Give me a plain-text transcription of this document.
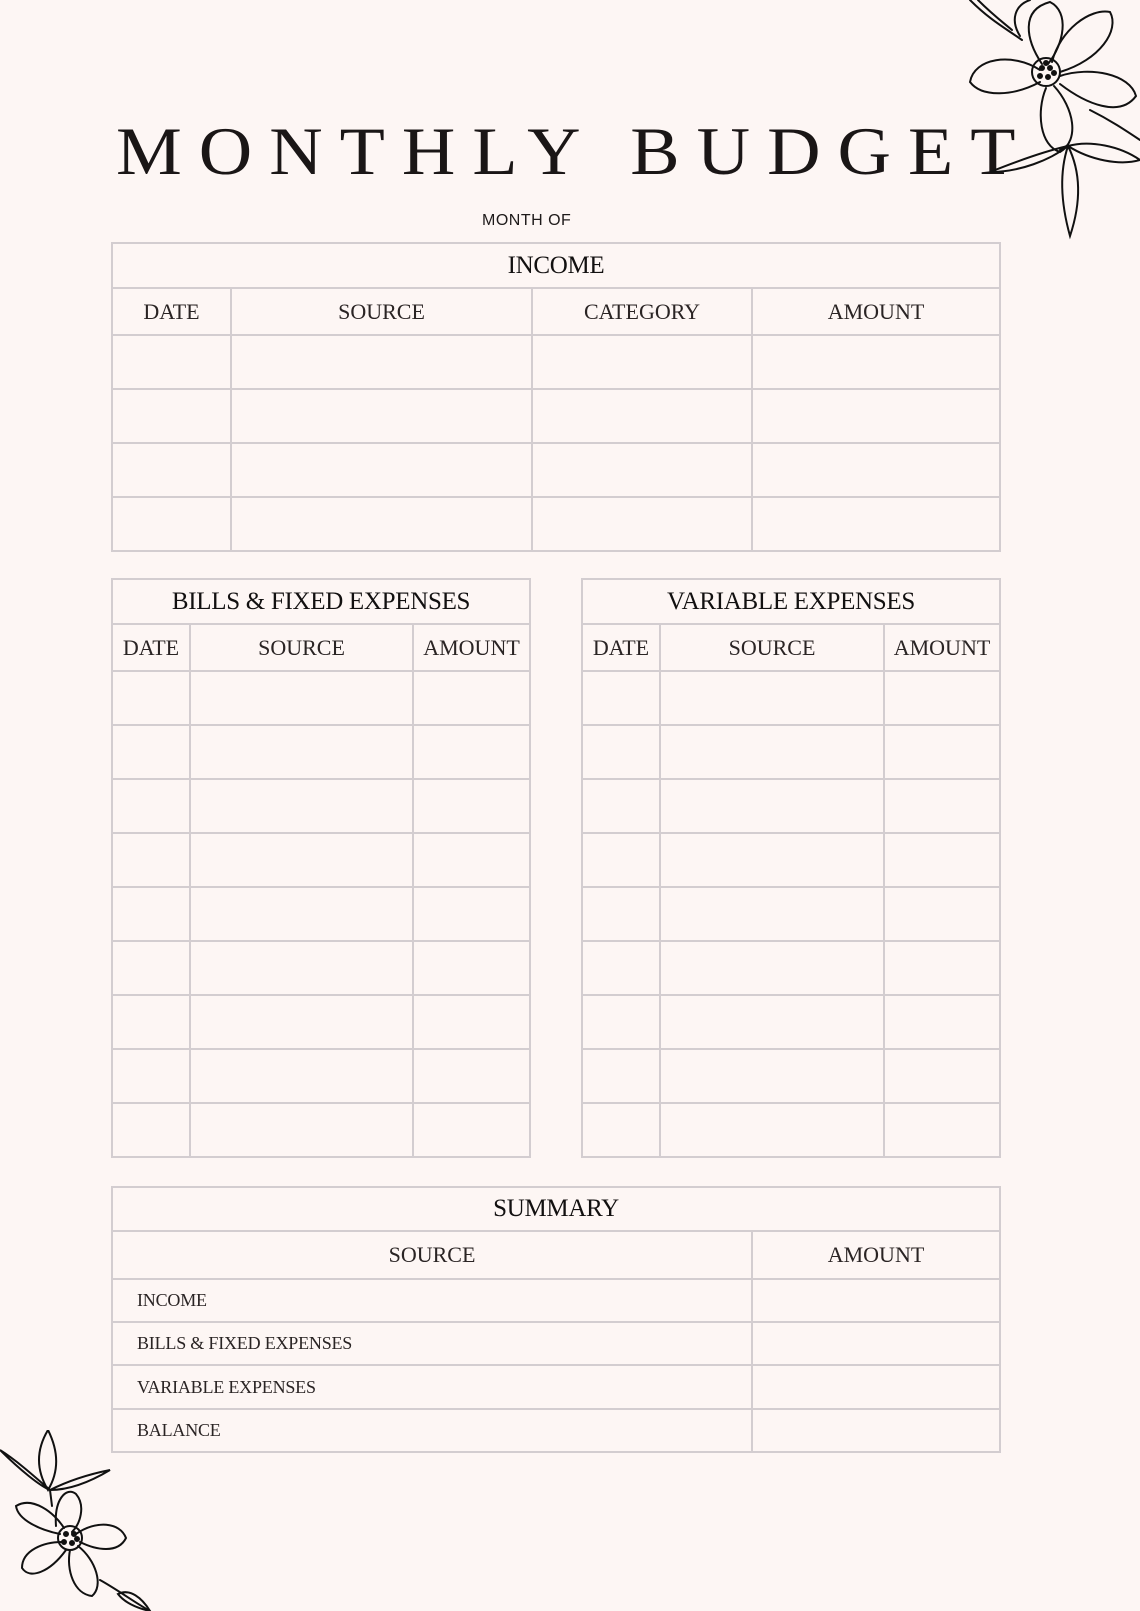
MONTHLY BUDGET
MONTH OF
INCOME			
DATE	SOURCE	CATEGORY	AMOUNT

BILLS & FIXED EXPENSES		
DATE	SOURCE	AMOUNT

VARIABLE EXPENSES		
DATE	SOURCE	AMOUNT

SUMMARY	
SOURCE	AMOUNT
INCOME	
BILLS & FIXED EXPENSES	
VARIABLE EXPENSES	
BALANCE	
